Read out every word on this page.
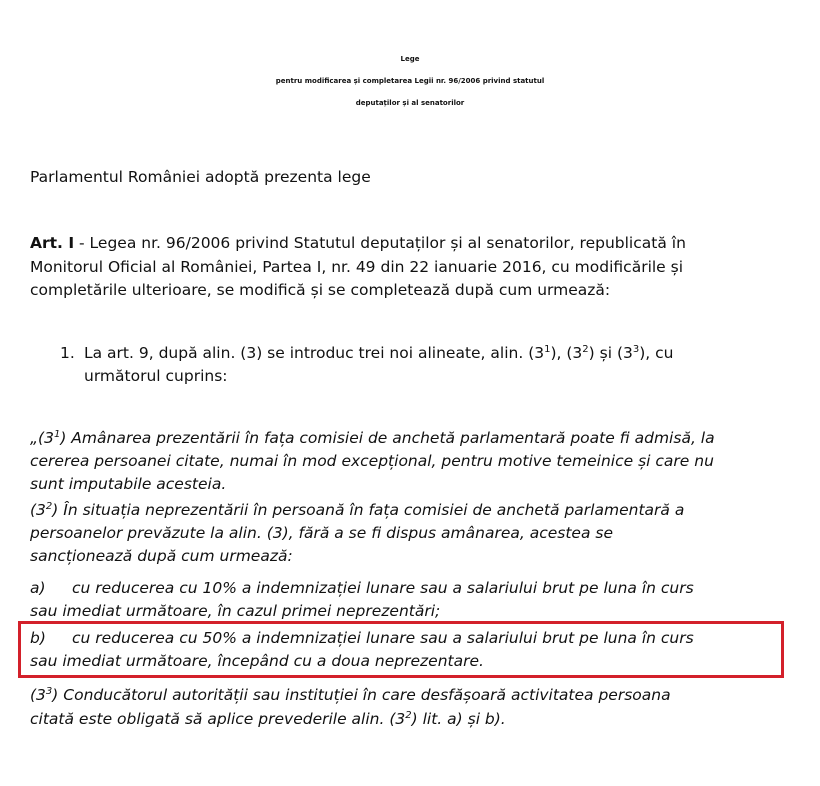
Lege
pentru modificarea și completarea Legii nr. 96/2006 privind statutul
deputaților și al senatorilor
Parlamentul României adoptă prezenta lege
Art. I - Legea nr. 96/2006 privind Statutul deputaților și al senatorilor, republicată în
Monitorul Oficial al României, Partea I, nr. 49 din 22 ianuarie 2016, cu modificările și
completările ulterioare, se modifică și se completează după cum urmează:
1. La art. 9, după alin. (3) se introduc trei noi alineate, alin. $(3^1)$, $(3^2)$ și $(3^3)$, cu
următorul cuprins:
$„(3^1)$ Amânarea prezentării în fața comisiei de anchetă parlamentară poate fi admisă, la
cererea persoanei citate, numai în mod excepțional, pentru motive temeinice și care nu
sunt imputabile acesteia.
$(3^2)$ În situația neprezentării în persoană în fața comisiei de anchetă parlamentară a
persoanelor prevăzute la alin. (3), fără a se fi dispus amânarea, acestea se
sancționează după cum urmează:
a) cu reducerea cu 10% a indemnizației lunare sau a salariului brut pe luna în curs
sau imediat următoare, în cazul primei neprezentări;
b) cu reducerea cu 50% a indemnizației lunare sau a salariului brut pe luna în curs
sau imediat următoare, începând cu a doua neprezentare.
$(3^3)$ Conducătorul autorității sau instituției în care desfășoară activitatea persoana
citată este obligată să aplice prevederile alin. $(3^2)$ lit. a) și b).
